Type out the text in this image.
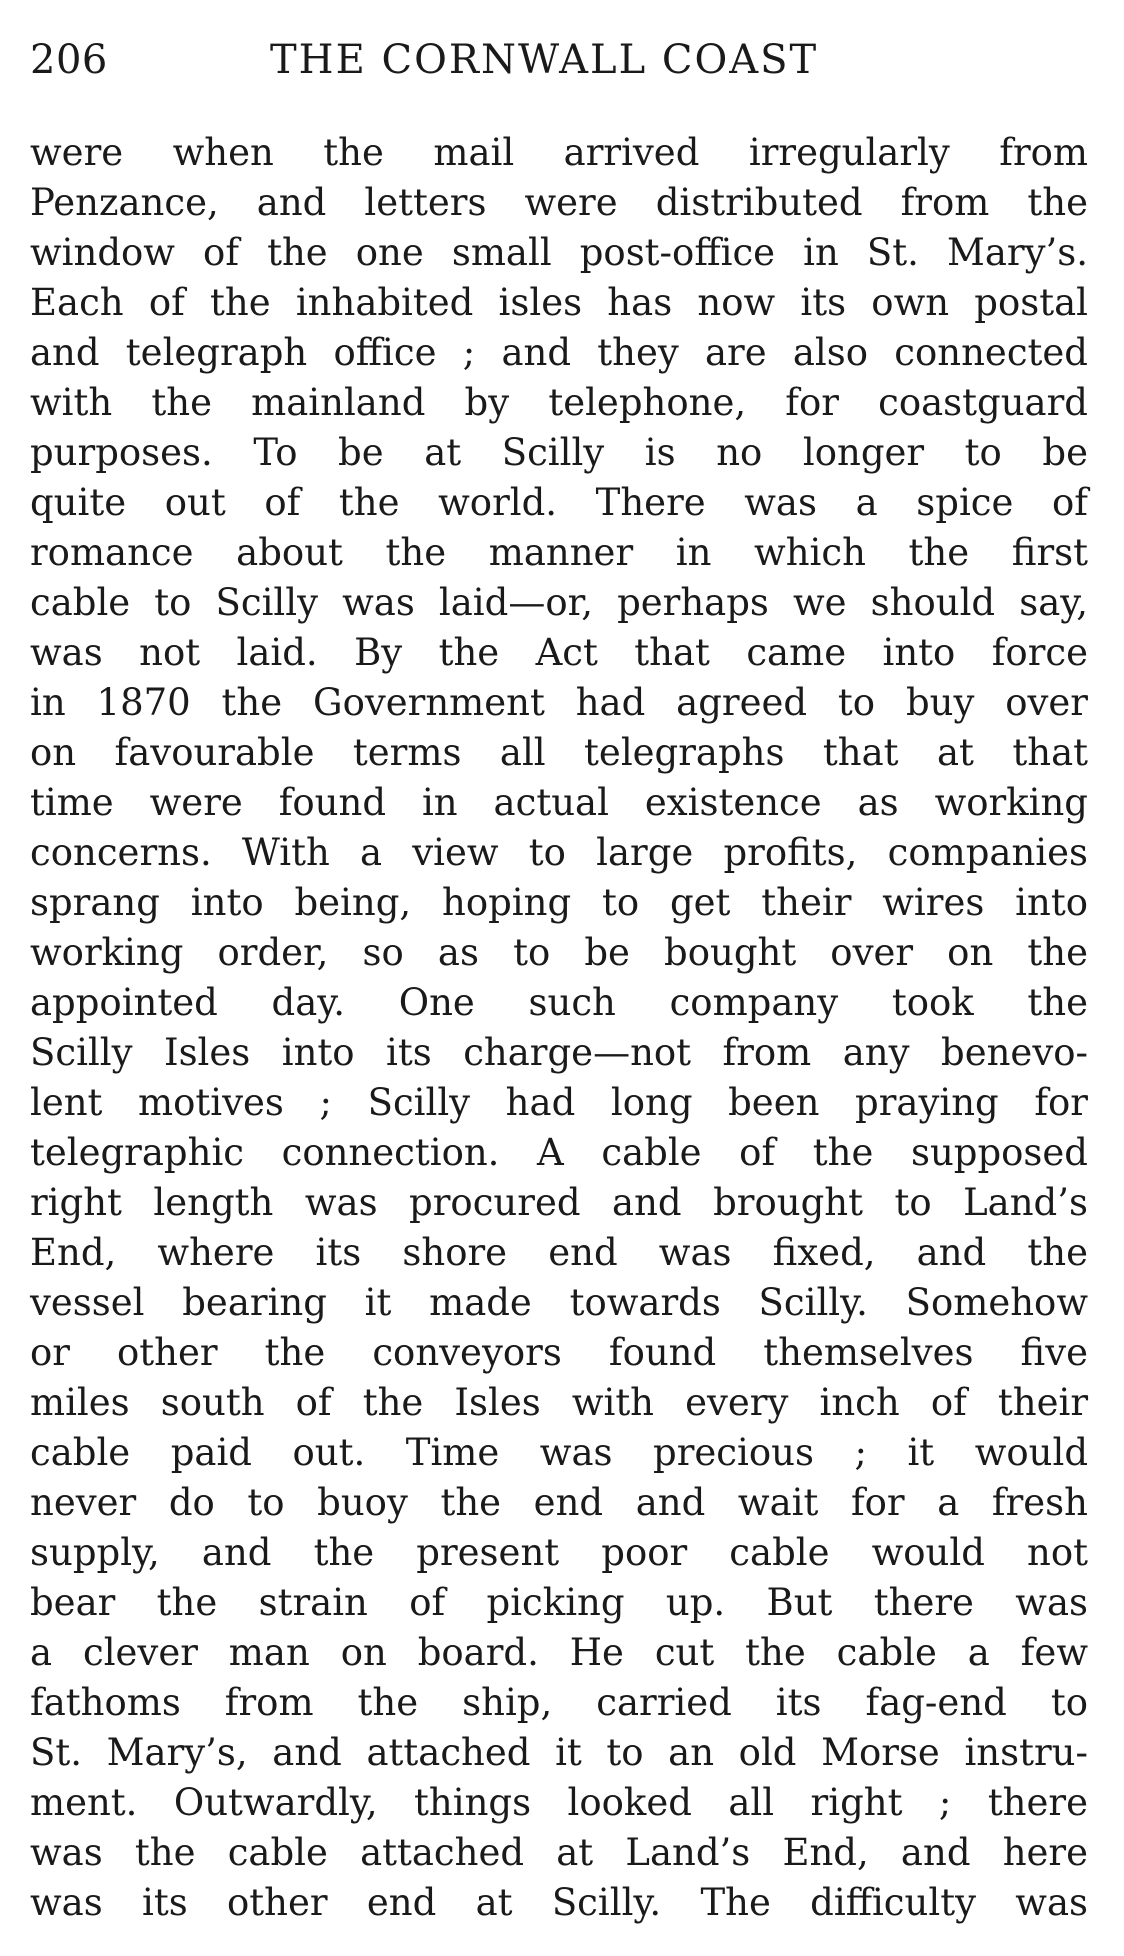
206	THE CORNWALL COAST
were when the mail arrived irregularly from
Penzance, and letters were distributed from the
window of the one small post-office in St. Mary’s.
Each of the inhabited isles has now its own postal
and telegraph office ; and they are also connected
with the mainland by telephone, for coastguard
purposes. To be at Scilly is no longer to be
quite out of the world. There was a spice of
romance about the manner in which the first
cable to Scilly was laid—or, perhaps we should say,
was not laid. By the Act that came into force
in 1870 the Government had agreed to buy over
on favourable terms all telegraphs that at that
time were found in actual existence as working
concerns. With a view to large profits, companies
sprang into being, hoping to get their wires into
working order, so as to be bought over on the
appointed day. One such company took the
Scilly Isles into its charge—not from any benevo-
lent motives ; Scilly had long been praying for
telegraphic connection. A cable of the supposed
right length was procured and brought to Land’s
End, where its shore end was fixed, and the
vessel bearing it made towards Scilly. Somehow
or other the conveyors found themselves five
miles south of the Isles with every inch of their
cable paid out. Time was precious ; it would
never do to buoy the end and wait for a fresh
supply, and the present poor cable would not
bear the strain of picking up. But there was
a clever man on board. He cut the cable a few
fathoms from the ship, carried its fag-end to
St. Mary’s, and attached it to an old Morse instru-
ment. Outwardly, things looked all right ; there
was the cable attached at Land’s End, and here
was its other end at Scilly. The difficulty was
